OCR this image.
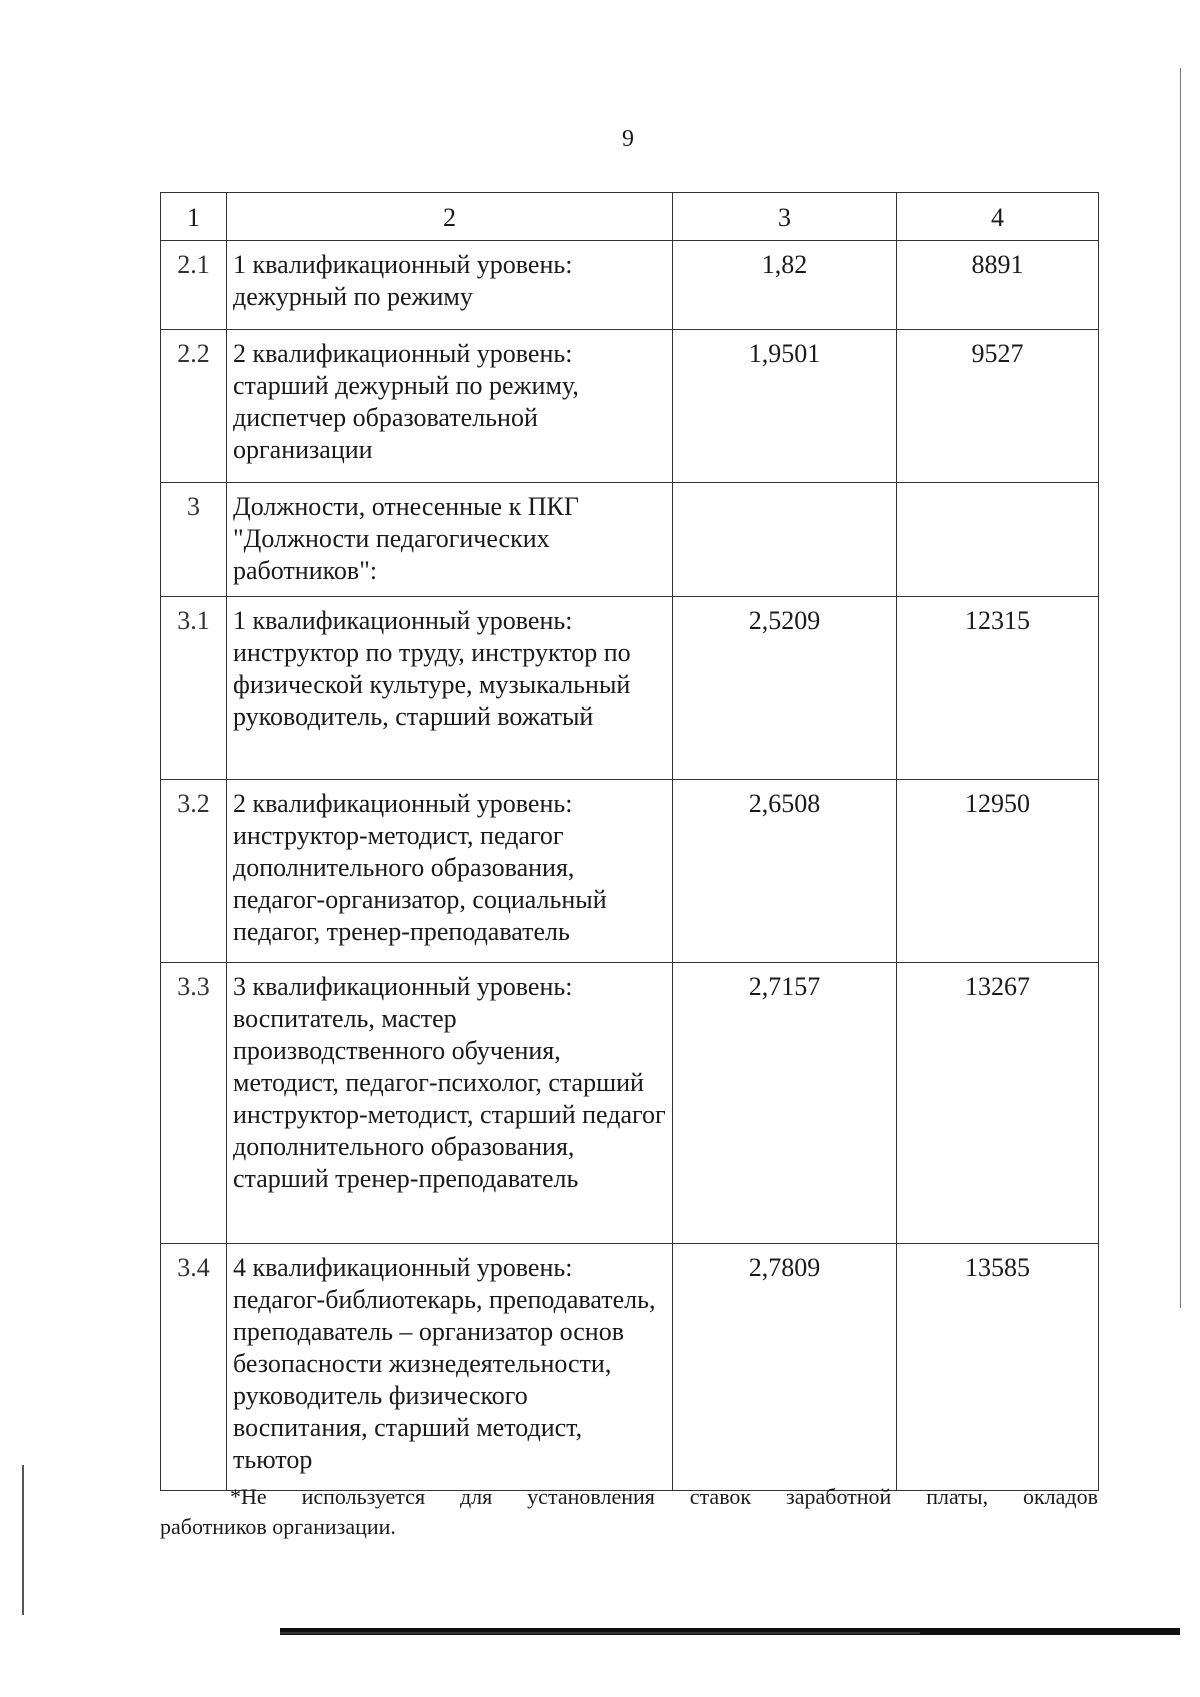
9
1	2	3	4
2.1	1 квалификационный уровень: дежурный по режиму	1,82	8891
2.2	2 квалификационный уровень: старший дежурный по режиму, диспетчер образовательной организации	1,9501	9527
3	Должности, отнесенные к ПКГ "Должности педагогических работников":		
3.1	1 квалификационный уровень: инструктор по труду, инструктор по физической культуре, музыкальный руководитель, старший вожатый	2,5209	12315
3.2	2 квалификационный уровень: инструктор-методист, педагог дополнительного образования, педагог-организатор, социальный педагог, тренер-преподаватель	2,6508	12950
3.3	3 квалификационный уровень: воспитатель, мастер производственного обучения, методист, педагог-психолог, старший инструктор-методист, старший педагог дополнительного образования, старший тренер-преподаватель	2,7157	13267
3.4	4 квалификационный уровень: педагог-библиотекарь, преподаватель, преподаватель – организатор основ безопасности жизнедеятельности, руководитель физического воспитания, старший методист, тьютор	2,7809	13585
*Не используется для установления ставок заработной платы, окладов
работников организации.
